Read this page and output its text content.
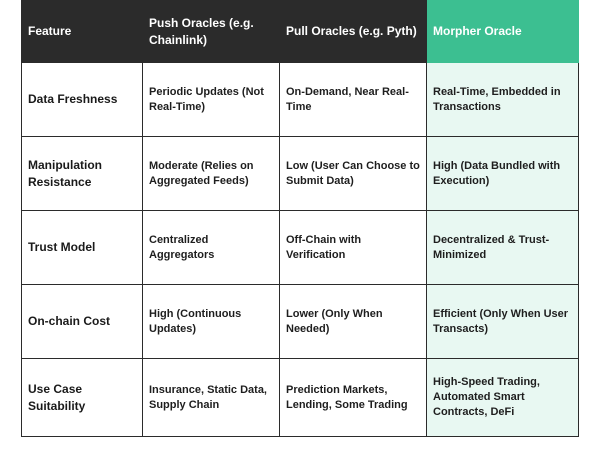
Feature	Push Oracles (e.g. Chainlink)	Pull Oracles (e.g. Pyth)	Morpher Oracle
Data Freshness	Periodic Updates (Not Real-Time)	On-Demand, Near Real-Time	Real-Time, Embedded in Transactions
Manipulation Resistance	Moderate (Relies on Aggregated Feeds)	Low (User Can Choose to Submit Data)	High (Data Bundled with Execution)
Trust Model	Centralized Aggregators	Off-Chain with Verification	Decentralized & Trust-Minimized
On-chain Cost	High (Continuous Updates)	Lower (Only When Needed)	Efficient (Only When User Transacts)
Use Case Suitability	Insurance, Static Data, Supply Chain	Prediction Markets, Lending, Some Trading	High-Speed Trading, Automated Smart Contracts, DeFi
